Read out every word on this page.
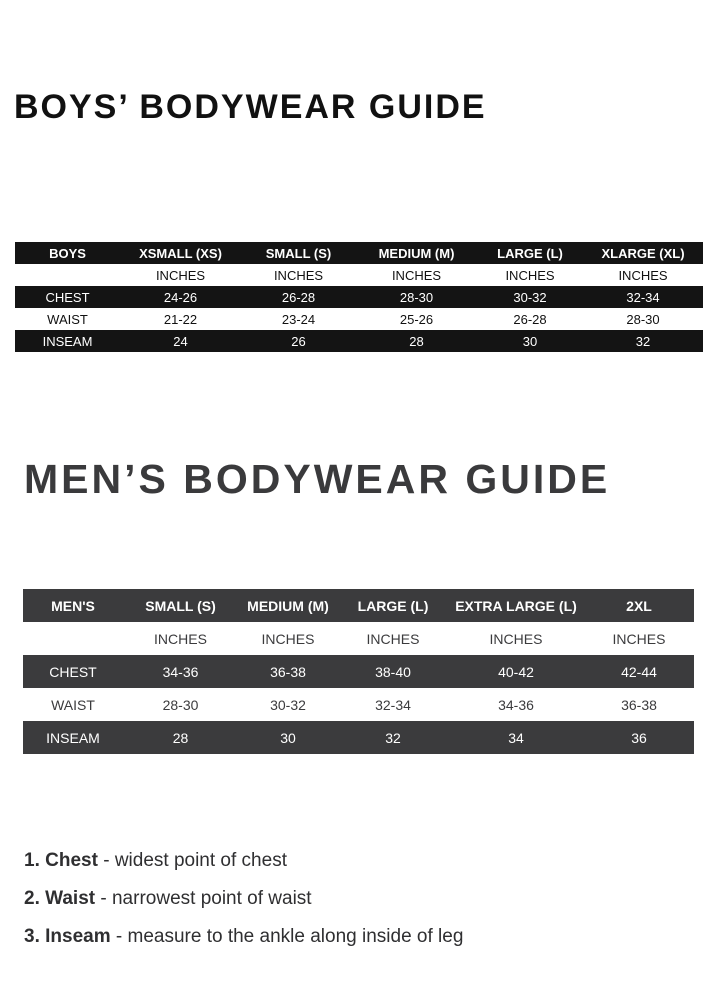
BOYS’ BODYWEAR GUIDE
BOYS	XSMALL (XS)	SMALL (S)	MEDIUM (M)	LARGE (L)	XLARGE (XL)
	INCHES	INCHES	INCHES	INCHES	INCHES
CHEST	24-26	26-28	28-30	30-32	32-34
WAIST	21-22	23-24	25-26	26-28	28-30
INSEAM	24	26	28	30	32
MEN’S BODYWEAR GUIDE
MEN'S	SMALL (S)	MEDIUM (M)	LARGE (L)	EXTRA LARGE (L)	2XL
	INCHES	INCHES	INCHES	INCHES	INCHES
CHEST	34-36	36-38	38-40	40-42	42-44
WAIST	28-30	30-32	32-34	34-36	36-38
INSEAM	28	30	32	34	36
1. Chest - widest point of chest
2. Waist - narrowest point of waist
3. Inseam - measure to the ankle along inside of leg
